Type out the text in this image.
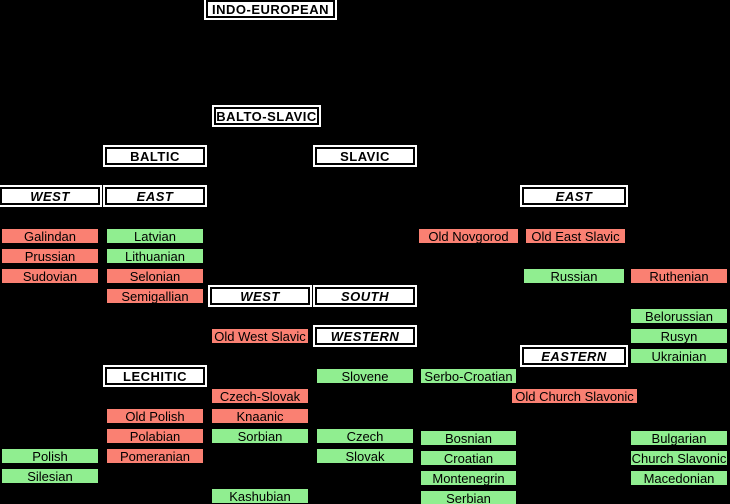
INDO-EUROPEAN
BALTO-SLAVIC
BALTIC	SLAVIC
WEST	EAST	EAST
Galindan	Latvian	Old Novgorod	Old East Slavic
Prussian	Lithuanian
Sudovian	Selonian	Russian	Ruthenian
Semigallian	WEST	SOUTH
Belorussian
Old West Slavic	WESTERN	Rusyn
EASTERN	Ukrainian
LECHITIC	Slovene	Serbo-Croatian
Czech-Slovak	Old Church Slavonic
Old Polish	Knaanic
Polabian	Sorbian	Czech	Bosnian	Bulgarian
Polish	Pomeranian	Slovak	Croatian	Church Slavonic
Silesian	Montenegrin	Macedonian
Kashubian	Serbian
